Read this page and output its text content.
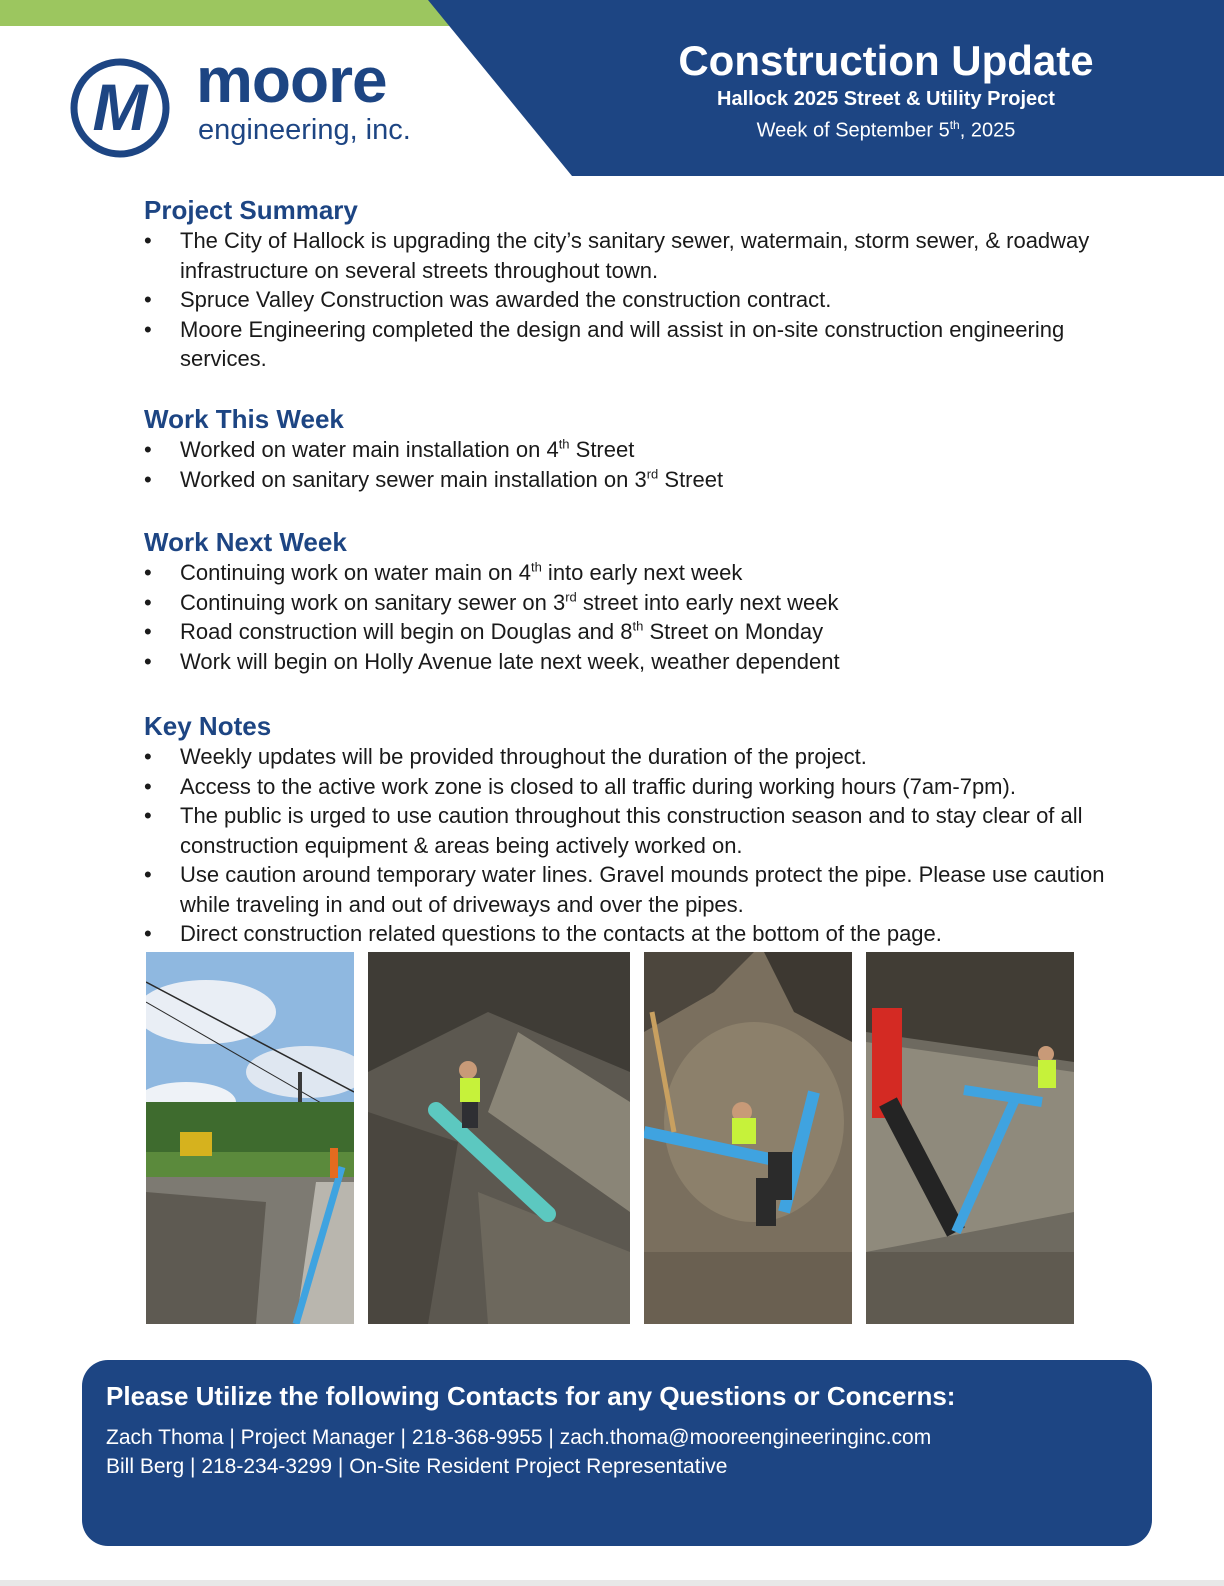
M moore
engineering, inc.
Construction Update
Hallock 2025 Street & Utility Project
Week of September 5th, 2025
Project Summary
• The City of Hallock is upgrading the city’s sanitary sewer, watermain, storm sewer, & roadway infrastructure on several streets throughout town.
• Spruce Valley Construction was awarded the construction contract.
• Moore Engineering completed the design and will assist in on-site construction engineering services.
Work This Week
• Worked on water main installation on 4th Street
• Worked on sanitary sewer main installation on 3rd Street
Work Next Week
• Continuing work on water main on 4th into early next week
• Continuing work on sanitary sewer on 3rd street into early next week
• Road construction will begin on Douglas and 8th Street on Monday
• Work will begin on Holly Avenue late next week, weather dependent
Key Notes
• Weekly updates will be provided throughout the duration of the project.
• Access to the active work zone is closed to all traffic during working hours (7am-7pm).
• The public is urged to use caution throughout this construction season and to stay clear of all construction equipment & areas being actively worked on.
• Use caution around temporary water lines. Gravel mounds protect the pipe. Please use caution while traveling in and out of driveways and over the pipes.
• Direct construction related questions to the contacts at the bottom of the page.
Please Utilize the following Contacts for any Questions or Concerns:
Zach Thoma | Project Manager | 218-368-9955 | zach.thoma@mooreengineeringinc.com
Bill Berg | 218-234-3299 | On-Site Resident Project Representative
